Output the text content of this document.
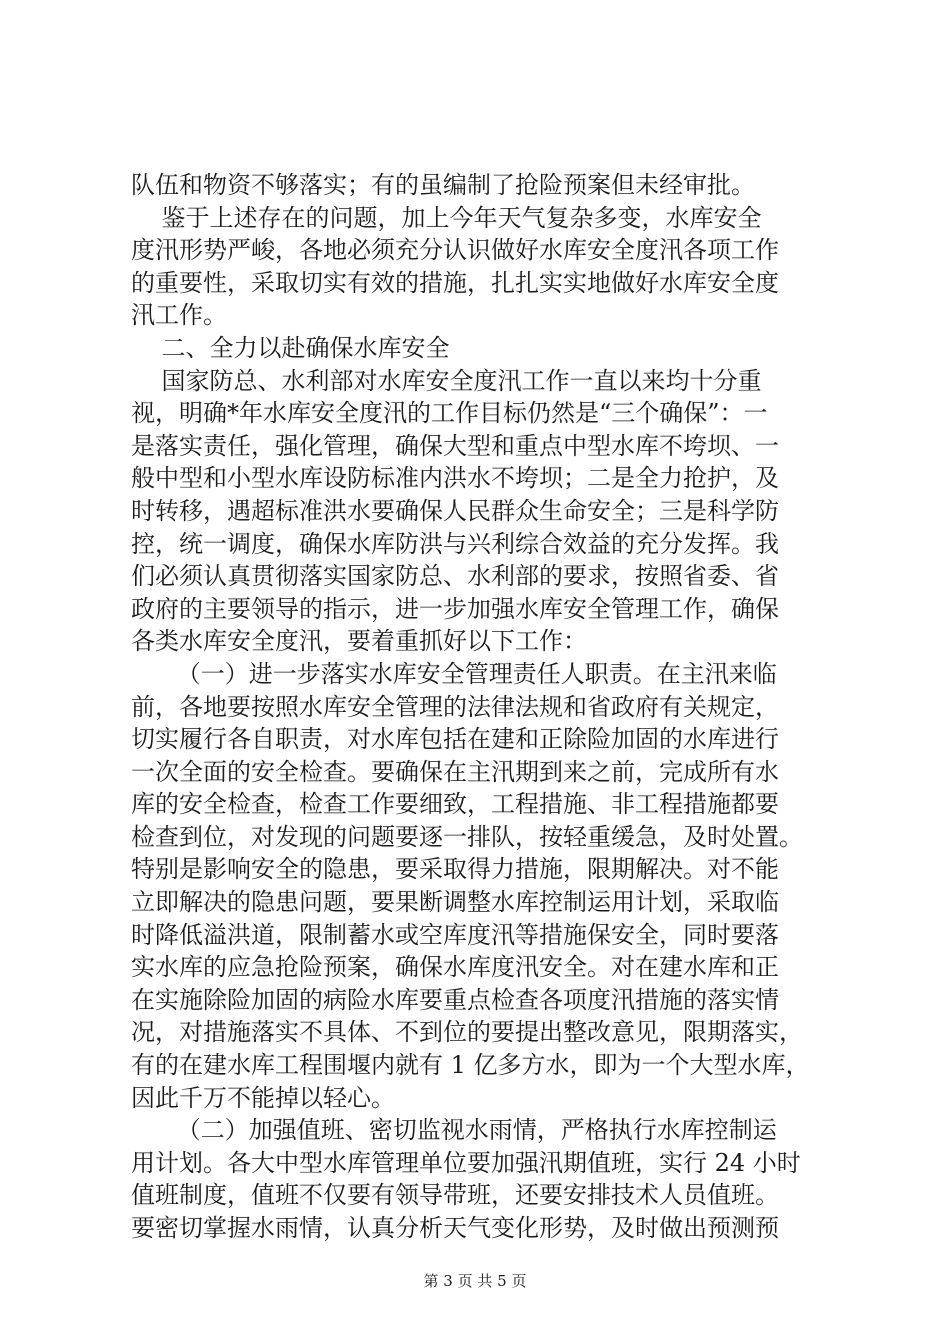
队伍和物资不够落实；有的虽编制了抢险预案但未经审批。
鉴于上述存在的问题，加上今年天气复杂多变，水库安全
度汛形势严峻，各地必须充分认识做好水库安全度汛各项工作
的重要性，采取切实有效的措施，扎扎实实地做好水库安全度
汛工作。
二、全力以赴确保水库安全
国家防总、水利部对水库安全度汛工作一直以来均十分重
视，明确*年水库安全度汛的工作目标仍然是“三个确保”：一
是落实责任，强化管理，确保大型和重点中型水库不垮坝、一
般中型和小型水库设防标准内洪水不垮坝；二是全力抢护，及
时转移，遇超标准洪水要确保人民群众生命安全；三是科学防
控，统一调度，确保水库防洪与兴利综合效益的充分发挥。我
们必须认真贯彻落实国家防总、水利部的要求，按照省委、省
政府的主要领导的指示，进一步加强水库安全管理工作，确保
各类水库安全度汛，要着重抓好以下工作：
（一）进一步落实水库安全管理责任人职责。在主汛来临
前，各地要按照水库安全管理的法律法规和省政府有关规定，
切实履行各自职责，对水库包括在建和正除险加固的水库进行
一次全面的安全检查。要确保在主汛期到来之前，完成所有水
库的安全检查，检查工作要细致，工程措施、非工程措施都要
检查到位，对发现的问题要逐一排队，按轻重缓急，及时处置。
特别是影响安全的隐患，要采取得力措施，限期解决。对不能
立即解决的隐患问题，要果断调整水库控制运用计划，采取临
时降低溢洪道，限制蓄水或空库度汛等措施保安全，同时要落
实水库的应急抢险预案，确保水库度汛安全。对在建水库和正
在实施除险加固的病险水库要重点检查各项度汛措施的落实情
况，对措施落实不具体、不到位的要提出整改意见，限期落实，
有的在建水库工程围堰内就有 1 亿多方水，即为一个大型水库，
因此千万不能掉以轻心。
（二）加强值班、密切监视水雨情，严格执行水库控制运
用计划。各大中型水库管理单位要加强汛期值班，实行 24 小时
值班制度，值班不仅要有领导带班，还要安排技术人员值班。
要密切掌握水雨情，认真分析天气变化形势，及时做出预测预
第 3 页 共 5 页
